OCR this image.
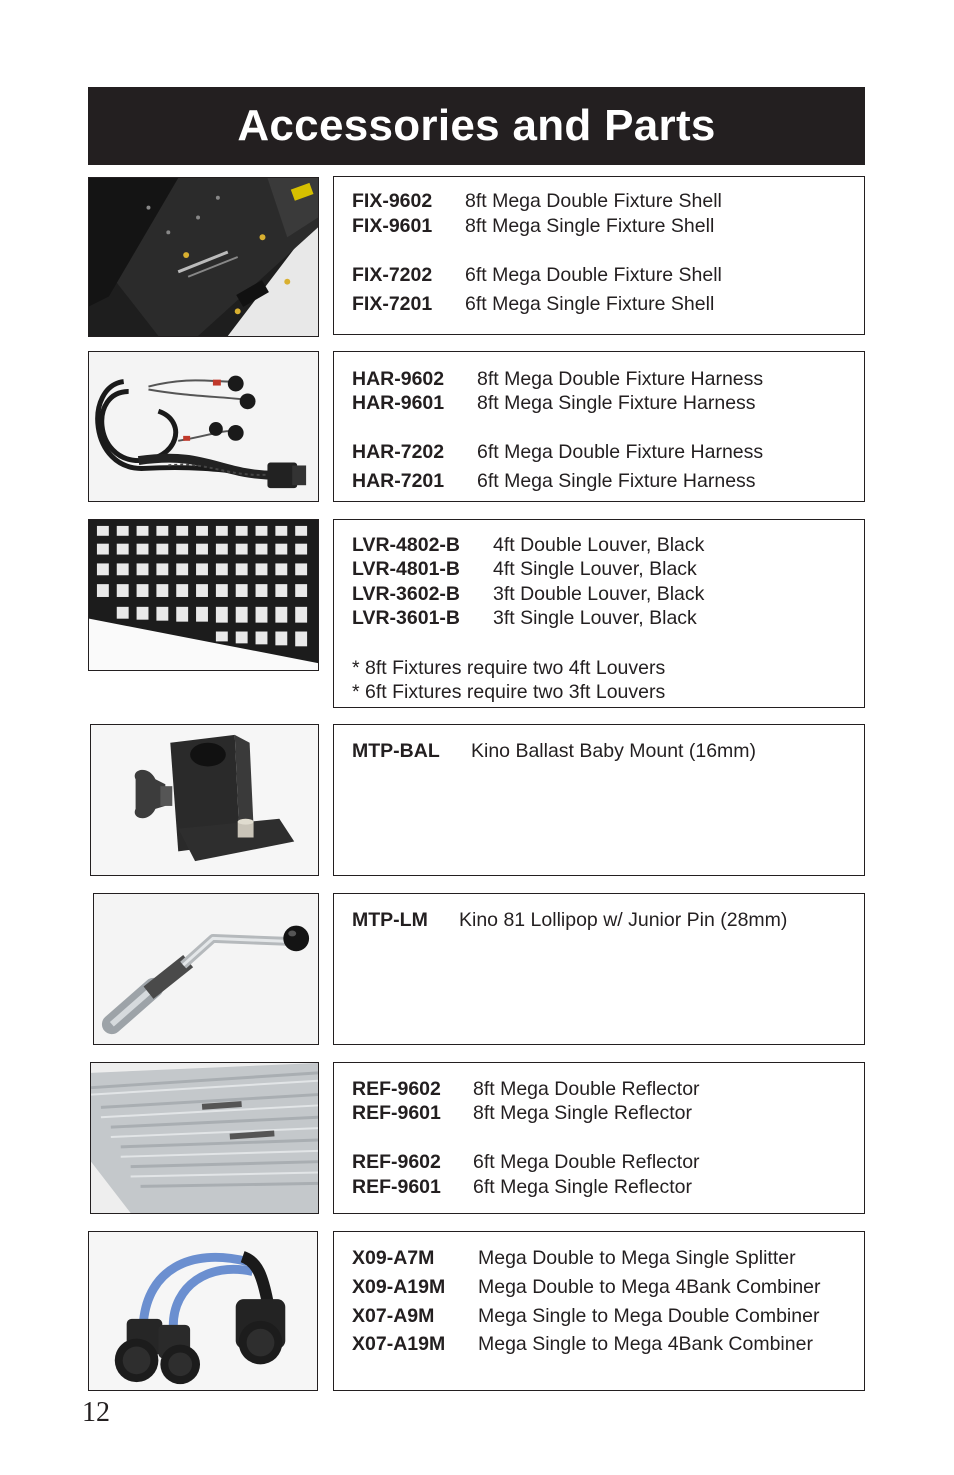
Accessories and Parts
FIX-9602 8ft Mega Double Fixture Shell
FIX-9601 8ft Mega Single Fixture Shell
FIX-7202 6ft Mega Double Fixture Shell
FIX-7201 6ft Mega Single Fixture Shell
HAR-9602 8ft Mega Double Fixture Harness
HAR-9601 8ft Mega Single Fixture Harness
HAR-7202 6ft Mega Double Fixture Harness
HAR-7201 6ft Mega Single Fixture Harness
LVR-4802-B 4ft Double Louver, Black
LVR-4801-B 4ft Single Louver, Black
LVR-3602-B 3ft Double Louver, Black
LVR-3601-B 3ft Single Louver, Black
* 8ft Fixtures require two 4ft Louvers
* 6ft Fixtures require two 3ft Louvers
MTP-BAL Kino Ballast Baby Mount (16mm)
MTP-LM Kino 81 Lollipop w/ Junior Pin (28mm)
REF-9602 8ft Mega Double Reflector
REF-9601 8ft Mega Single Reflector
REF-9602 6ft Mega Double Reflector
REF-9601 6ft Mega Single Reflector
X09-A7M Mega Double to Mega Single Splitter
X09-A19M Mega Double to Mega 4Bank Combiner
X07-A9M Mega Single to Mega Double Combiner
X07-A19M Mega Single to Mega 4Bank Combiner
12
